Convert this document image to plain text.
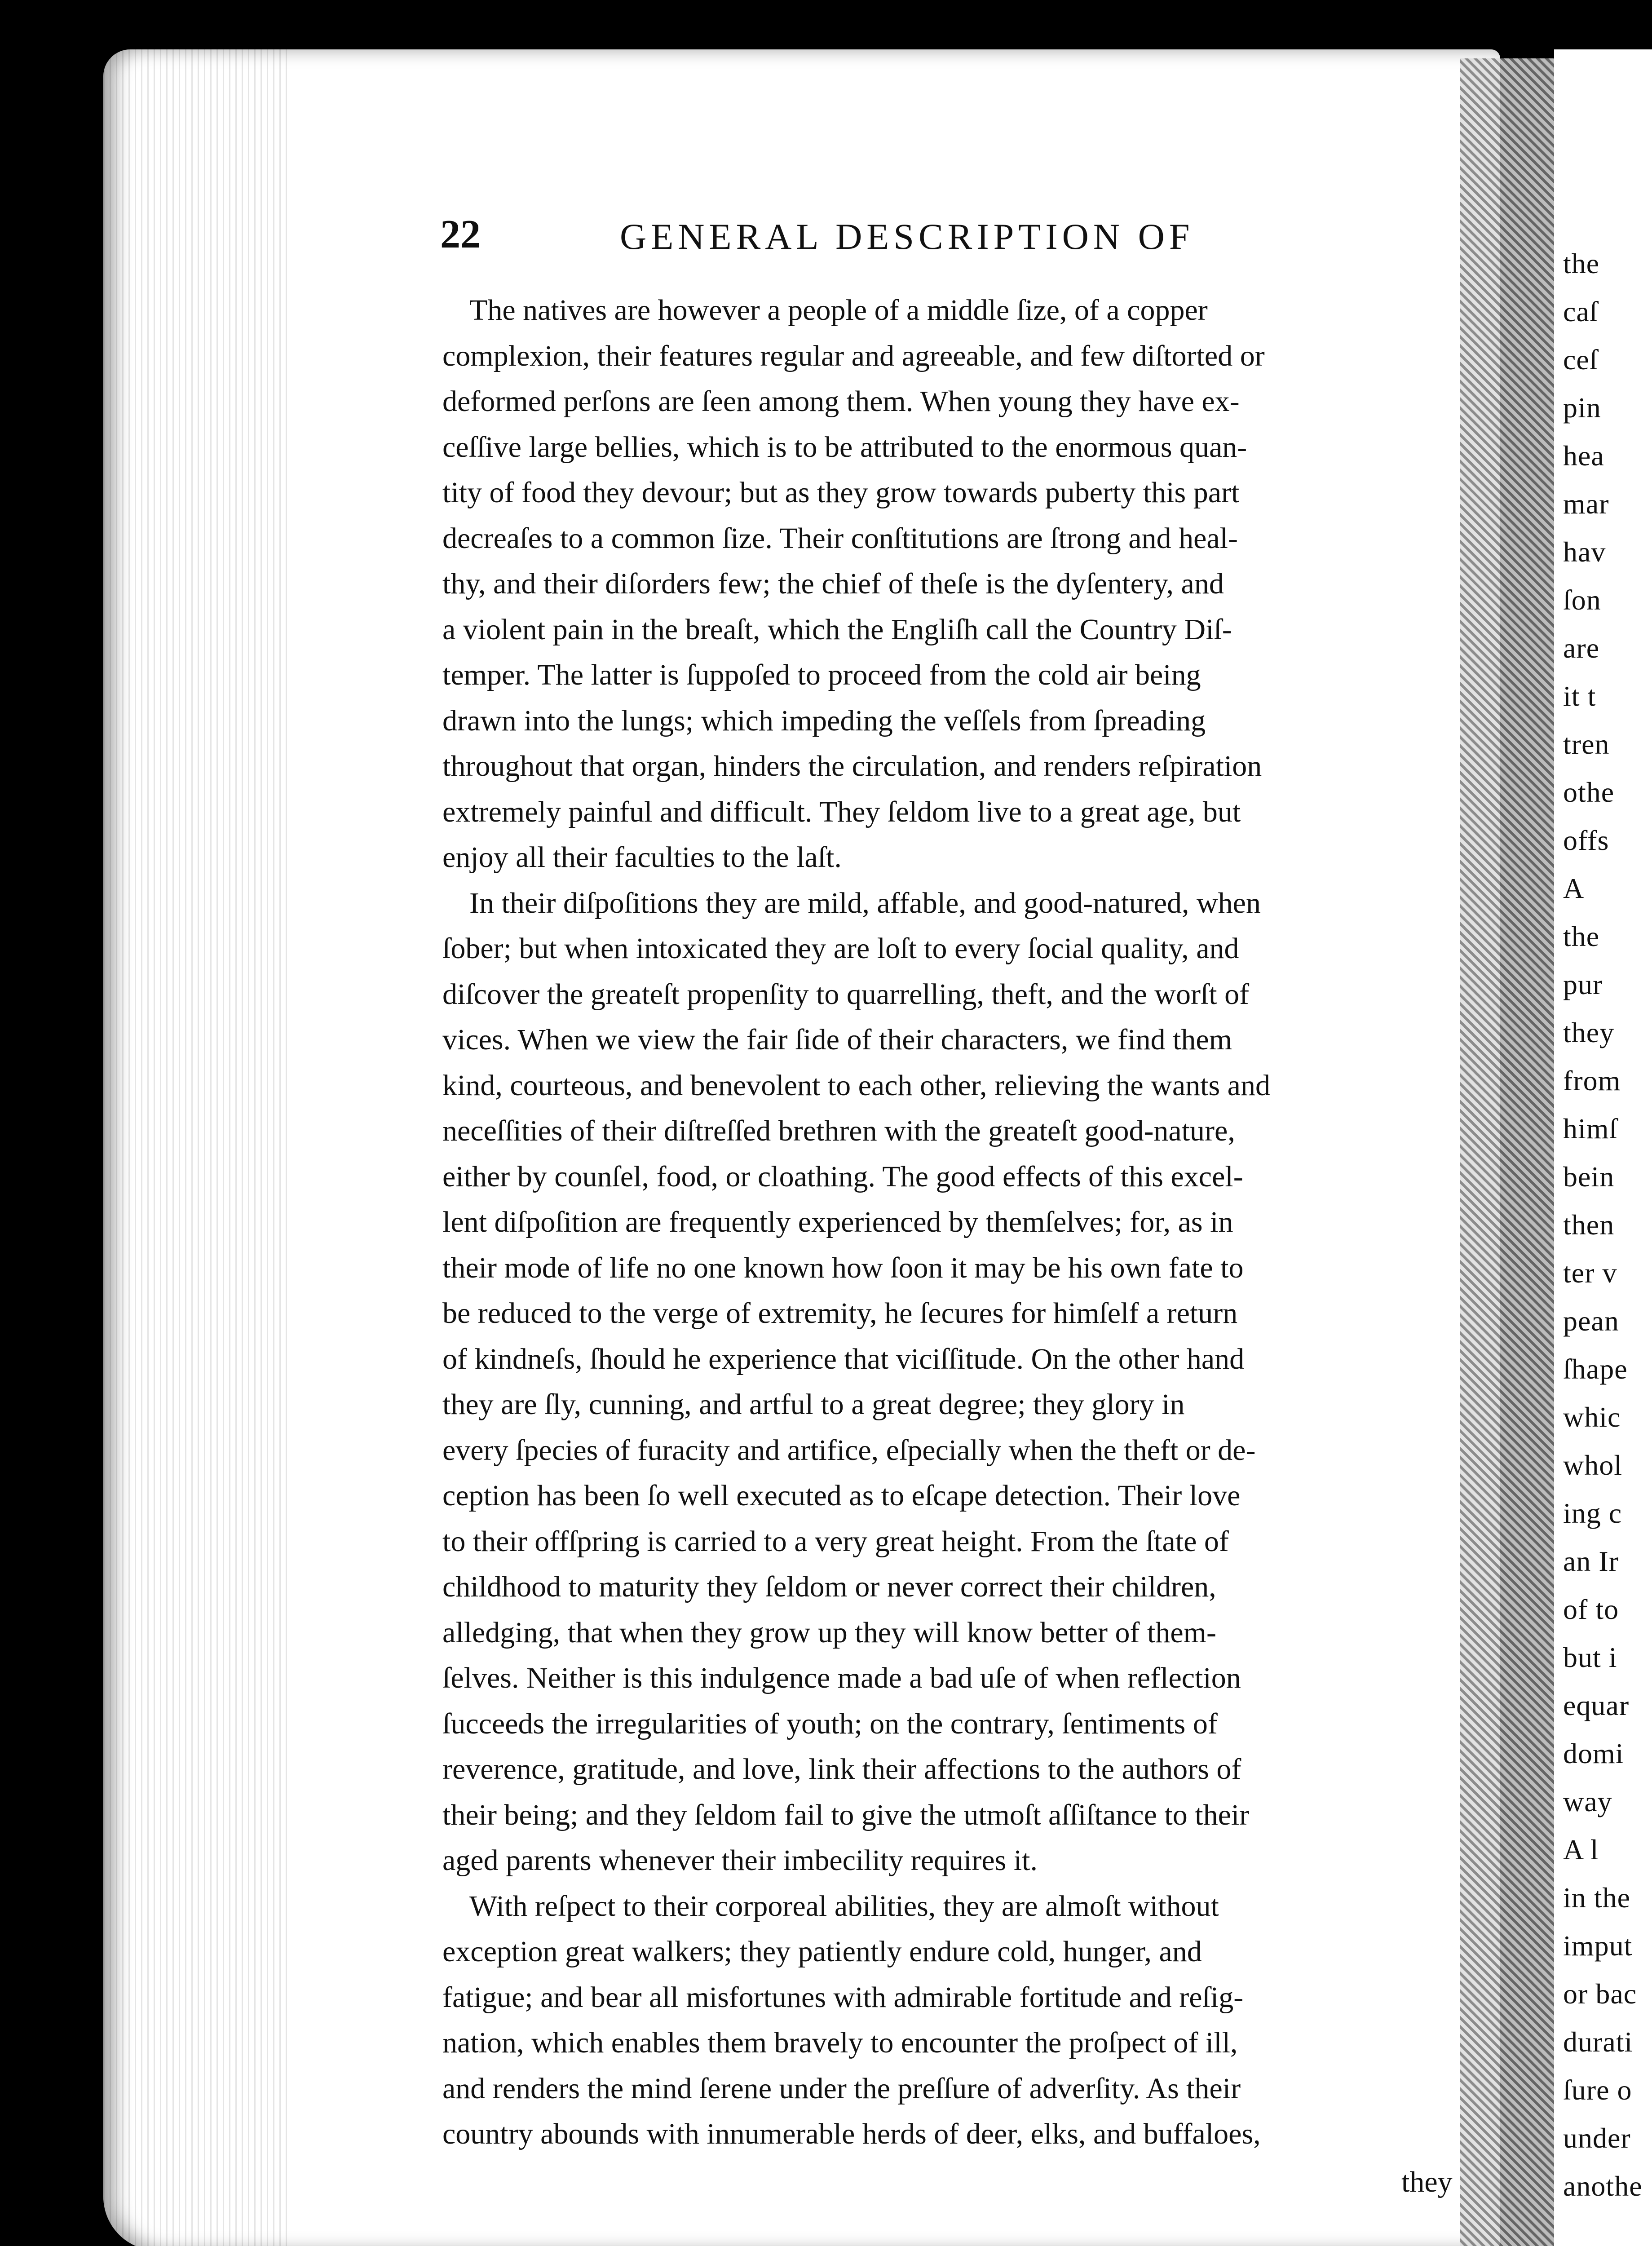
the
caſ
ceſ
pin
hea
mar
hav
ſon
are
it t
tren
othe
offs
A
the
pur
they
from
himſ
bein
then
ter v
pean
ſhape
whic
whol
ing c
an Ir
of to
but i
equar
domi
way
A l
in the
imput
or bac
durati
ſure o
under
anothe
22	GENERAL DESCRIPTION OF
The natives are however a people of a middle ſize, of a copper
complexion, their features regular and agreeable, and few diſtorted or
deformed perſons are ſeen among them. When young they have ex-
ceſſive large bellies, which is to be attributed to the enormous quan-
tity of food they devour; but as they grow towards puberty this part
decreaſes to a common ſize. Their conſtitutions are ſtrong and heal-
thy, and their diſorders few; the chief of theſe is the dyſentery, and
a violent pain in the breaſt, which the Engliſh call the Country Diſ-
temper. The latter is ſuppoſed to proceed from the cold air being
drawn into the lungs; which impeding the veſſels from ſpreading
throughout that organ, hinders the circulation, and renders reſpiration
extremely painful and difficult. They ſeldom live to a great age, but
enjoy all their faculties to the laſt.
In their diſpoſitions they are mild, affable, and good-natured, when
ſober; but when intoxicated they are loſt to every ſocial quality, and
diſcover the greateſt propenſity to quarrelling, theft, and the worſt of
vices. When we view the fair ſide of their characters, we find them
kind, courteous, and benevolent to each other, relieving the wants and
neceſſities of their diſtreſſed brethren with the greateſt good-nature,
either by counſel, food, or cloathing. The good effects of this excel-
lent diſpoſition are frequently experienced by themſelves; for, as in
their mode of life no one known how ſoon it may be his own fate to
be reduced to the verge of extremity, he ſecures for himſelf a return
of kindneſs, ſhould he experience that viciſſitude. On the other hand
they are ſly, cunning, and artful to a great degree; they glory in
every ſpecies of furacity and artifice, eſpecially when the theft or de-
ception has been ſo well executed as to eſcape detection. Their love
to their offſpring is carried to a very great height. From the ſtate of
childhood to maturity they ſeldom or never correct their children,
alledging, that when they grow up they will know better of them-
ſelves. Neither is this indulgence made a bad uſe of when reflection
ſucceeds the irregularities of youth; on the contrary, ſentiments of
reverence, gratitude, and love, link their affections to the authors of
their being; and they ſeldom fail to give the utmoſt aſſiſtance to their
aged parents whenever their imbecility requires it.
With reſpect to their corporeal abilities, they are almoſt without
exception great walkers; they patiently endure cold, hunger, and
fatigue; and bear all misfortunes with admirable fortitude and reſig-
nation, which enables them bravely to encounter the proſpect of ill,
and renders the mind ſerene under the preſſure of adverſity. As their
country abounds with innumerable herds of deer, elks, and buffaloes,
they
